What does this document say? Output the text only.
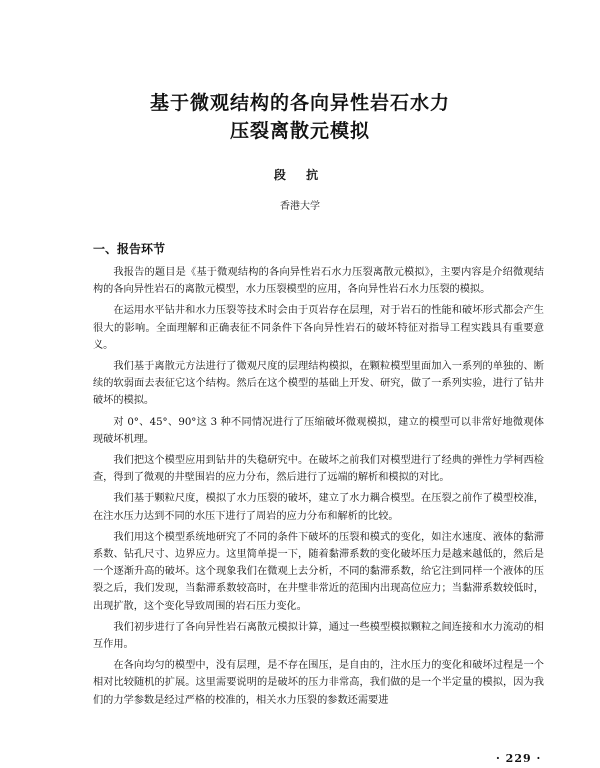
基于微观结构的各向异性岩石水力
压裂离散元模拟
段 抗
香港大学
一、报告环节

我报告的题目是《基于微观结构的各向异性岩石水力压裂离散元模拟》，主要内容是介绍微观结构的各向异性岩石的离散元模型，水力压裂模型的应用，各向异性岩石水力压裂的模拟。

在运用水平钻井和水力压裂等技术时会由于页岩存在层理，对于岩石的性能和破坏形式都会产生很大的影响。全面理解和正确表征不同条件下各向异性岩石的破坏特征对指导工程实践具有重要意义。

我们基于离散元方法进行了微观尺度的层理结构模拟，在颗粒模型里面加入一系列的单独的、断续的软弱面去表征它这个结构。然后在这个模型的基础上开发、研究，做了一系列实验，进行了钻井破坏的模拟。

对 0°、45°、90°这 3 种不同情况进行了压缩破坏微观模拟，建立的模型可以非常好地微观体现破坏机理。

我们把这个模型应用到钻井的失稳研究中。在破坏之前我们对模型进行了经典的弹性力学柯西检查，得到了微观的井壁围岩的应力分布，然后进行了远端的解析和模拟的对比。

我们基于颗粒尺度，模拟了水力压裂的破坏，建立了水力耦合模型。在压裂之前作了模型校准，在注水压力达到不同的水压下进行了周岩的应力分布和解析的比较。

我们用这个模型系统地研究了不同的条件下破坏的压裂和模式的变化，如注水速度、液体的黏滞系数、钻孔尺寸、边界应力。这里简单提一下，随着黏滞系数的变化破坏压力是越来越低的，然后是一个逐渐升高的破坏。这个现象我们在微观上去分析，不同的黏滞系数，给它注到同样一个液体的压裂之后，我们发现，当黏滞系数较高时，在井壁非常近的范围内出现高位应力；当黏滞系数较低时，出现扩散，这个变化导致周围的岩石压力变化。

我们初步进行了各向异性岩石离散元模拟计算，通过一些模型模拟颗粒之间连接和水力流动的相互作用。

在各向均匀的模型中，没有层理，是不存在围压，是自由的，注水压力的变化和破坏过程是一个相对比较随机的扩展。这里需要说明的是破坏的压力非常高，我们做的是一个半定量的模拟，因为我们的力学参数是经过严格的校准的，相关水力压裂的参数还需要进

· 229 ·
